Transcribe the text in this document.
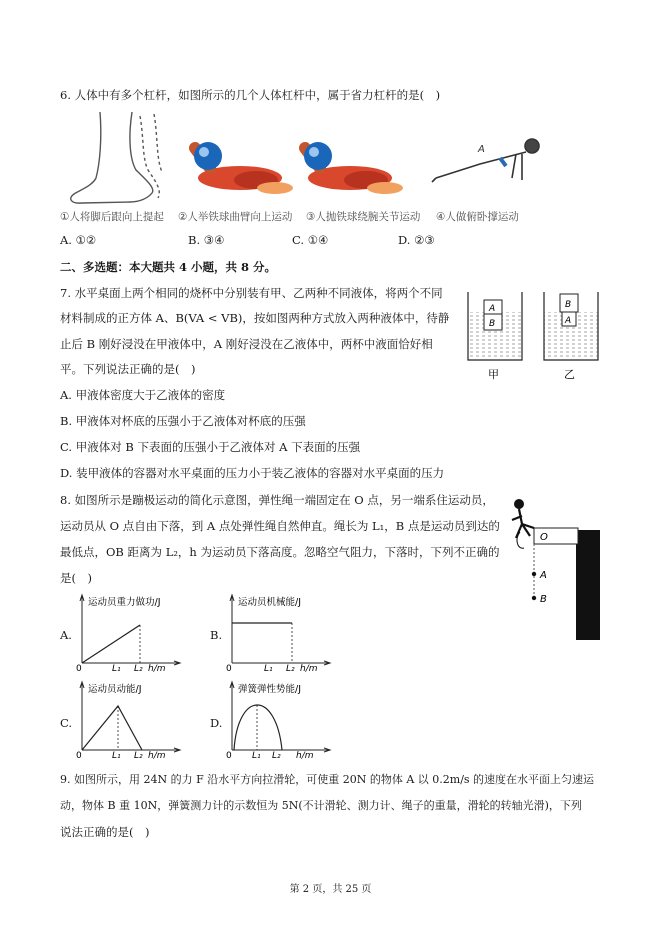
6. 人体中有多个杠杆，如图所示的几个人体杠杆中，属于省力杠杆的是(　)
A
①人将脚后跟向上提起 ②人举铁球曲臂向上运动 ③人抛铁球绕腕关节运动 ④人做俯卧撑运动
A. ①②	B. ③④	C. ①④	D. ②③
二、多选题：本大题共 4 小题，共 8 分。
7. 水平桌面上两个相同的烧杯中分别装有甲、乙两种不同液体，将两个不同
材料制成的正方体 A、B(VA < VB)，按如图两种方式放入两种液体中，待静
止后 B 刚好浸没在甲液体中，A 刚好浸没在乙液体中，两杯中液面恰好相
平。下列说法正确的是(　)
A. 甲液体密度大于乙液体的密度
B. 甲液体对杯底的压强小于乙液体对杯底的压强
C. 甲液体对 B 下表面的压强小于乙液体对 A 下表面的压强
D. 装甲液体的容器对水平桌面的压力小于装乙液体的容器对水平桌面的压力
A
B
B
A
甲	乙
8. 如图所示是蹦极运动的简化示意图，弹性绳一端固定在 O 点，另一端系住运动员，
运动员从 O 点自由下落，到 A 点处弹性绳自然伸直。绳长为 L₁，B 点是运动员到达的
最低点，OB 距离为 L₂，h 为运动员下落高度。忽略空气阻力，下落时，下列不正确的
是(　)
O
A
B
A.
运动员重力做功/J
0	L₁ L₂ h/m
B.
运动员机械能/J
0	L₁ L₂ h/m
C.
运动员动能/J
0	L₁ L₂ h/m
D.
弹簧弹性势能/J
0 L₁ L₂ h/m
9. 如图所示，用 24N 的力 F 沿水平方向拉滑轮，可使重 20N 的物体 A 以 0.2m/s 的速度在水平面上匀速运
动，物体 B 重 10N，弹簧测力计的示数恒为 5N(不计滑轮、测力计、绳子的重量，滑轮的转轴光滑)，下列
说法正确的是(　)
第 2 页，共 25 页
